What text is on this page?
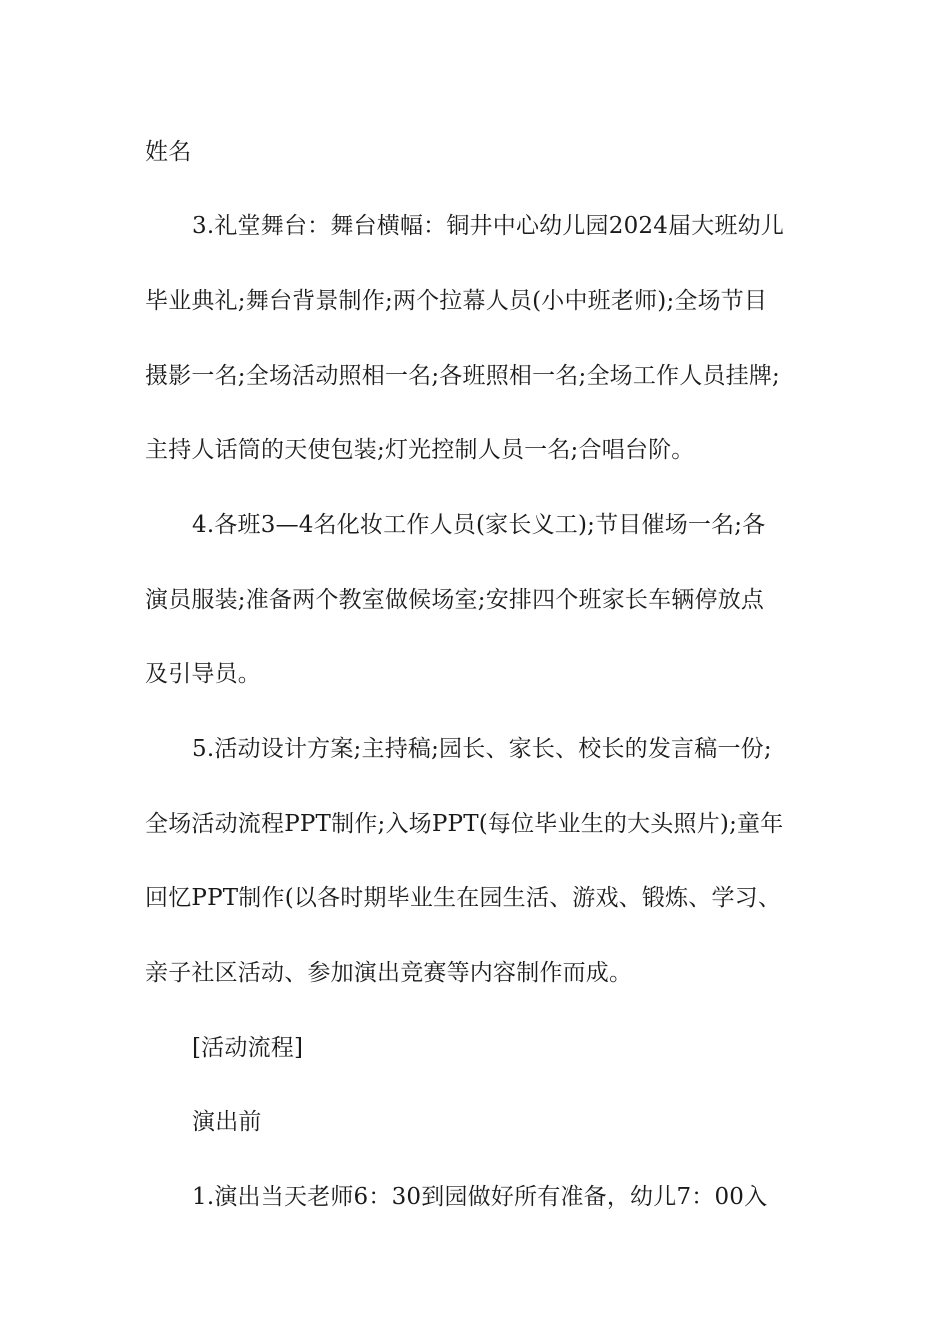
姓名
3.礼堂舞台：舞台横幅：铜井中心幼儿园2024届大班幼儿
毕业典礼;舞台背景制作;两个拉幕人员(小中班老师);全场节目
摄影一名;全场活动照相一名;各班照相一名;全场工作人员挂牌;
主持人话筒的天使包装;灯光控制人员一名;合唱台阶。
4.各班3—4名化妆工作人员(家长义工);节目催场一名;各
演员服装;准备两个教室做候场室;安排四个班家长车辆停放点
及引导员。
5.活动设计方案;主持稿;园长、家长、校长的发言稿一份;
全场活动流程PPT制作;入场PPT(每位毕业生的大头照片);童年
回忆PPT制作(以各时期毕业生在园生活、游戏、锻炼、学习、
亲子社区活动、参加演出竞赛等内容制作而成。
[活动流程]
演出前
1.演出当天老师6：30到园做好所有准备，幼儿7：00入
